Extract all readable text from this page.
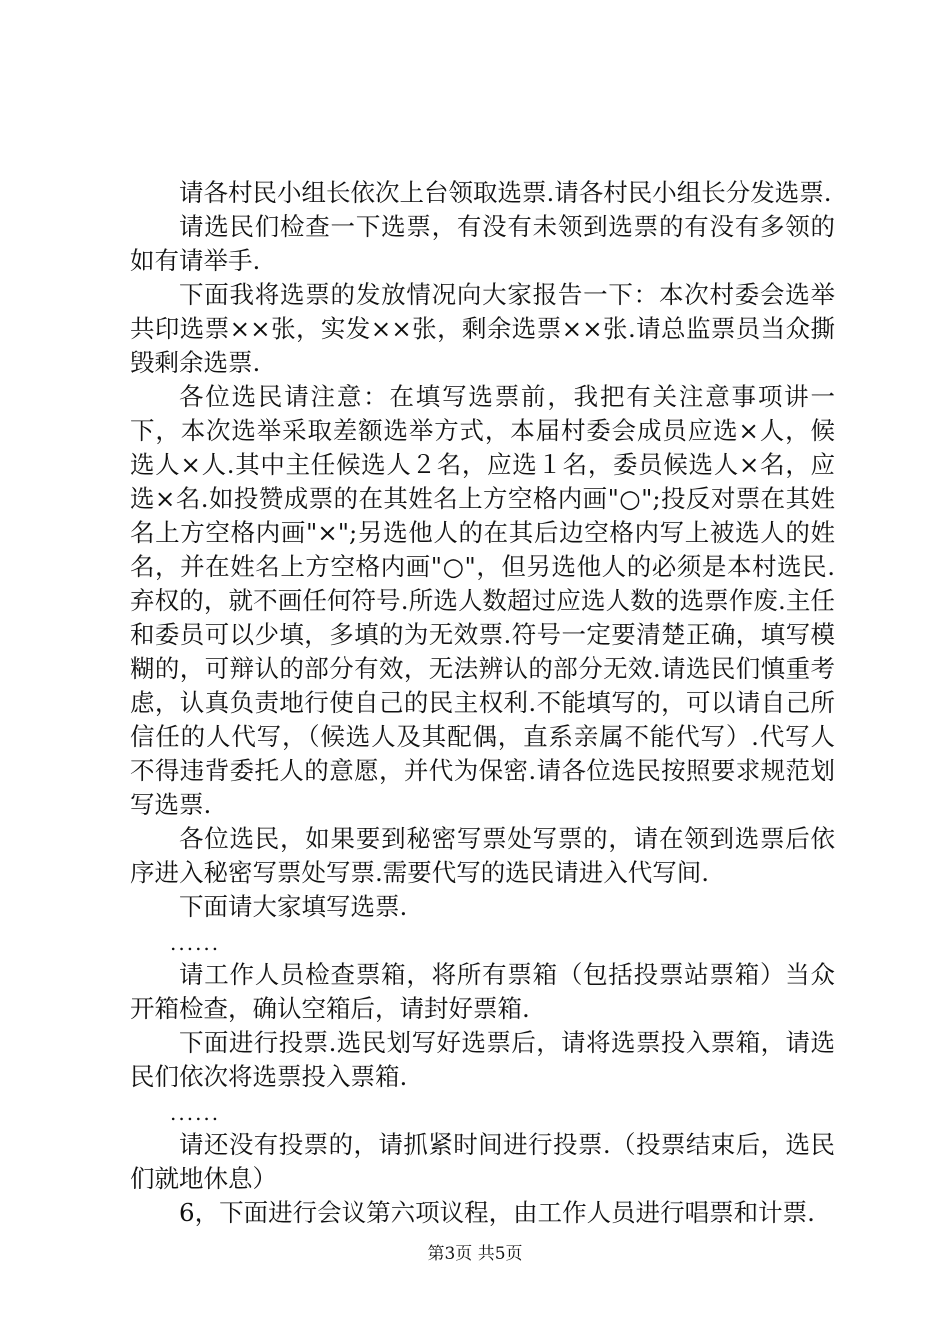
请各村民小组长依次上台领取选票.请各村民小组长分发选票.

请选民们检查一下选票，有没有未领到选票的有没有多领的如有请举手.

下面我将选票的发放情况向大家报告一下：本次村委会选举共印选票××张，实发××张，剩余选票××张.请总监票员当众撕毁剩余选票.

各位选民请注意：在填写选票前，我把有关注意事项讲一下，本次选举采取差额选举方式，本届村委会成员应选×人，候选人×人.其中主任候选人２名，应选１名，委员候选人×名，应选×名.如投赞成票的在其姓名上方空格内画"○";投反对票在其姓名上方空格内画"×";另选他人的在其后边空格内写上被选人的姓名，并在姓名上方空格内画"○"，但另选他人的必须是本村选民.弃权的，就不画任何符号.所选人数超过应选人数的选票作废.主任和委员可以少填，多填的为无效票.符号一定要清楚正确，填写模糊的，可辩认的部分有效，无法辨认的部分无效.请选民们慎重考虑，认真负责地行使自己的民主权利.不能填写的，可以请自己所信任的人代写，（候选人及其配偶，直系亲属不能代写）.代写人不得违背委托人的意愿，并代为保密.请各位选民按照要求规范划写选票.

各位选民，如果要到秘密写票处写票的，请在领到选票后依序进入秘密写票处写票.需要代写的选民请进入代写间.

下面请大家填写选票.

......

请工作人员检查票箱，将所有票箱（包括投票站票箱）当众开箱检查，确认空箱后，请封好票箱.

下面进行投票.选民划写好选票后，请将选票投入票箱，请选民们依次将选票投入票箱.

......

请还没有投票的，请抓紧时间进行投票.（投票结束后，选民们就地休息）

6，下面进行会议第六项议程，由工作人员进行唱票和计票.

第3页 共5页
